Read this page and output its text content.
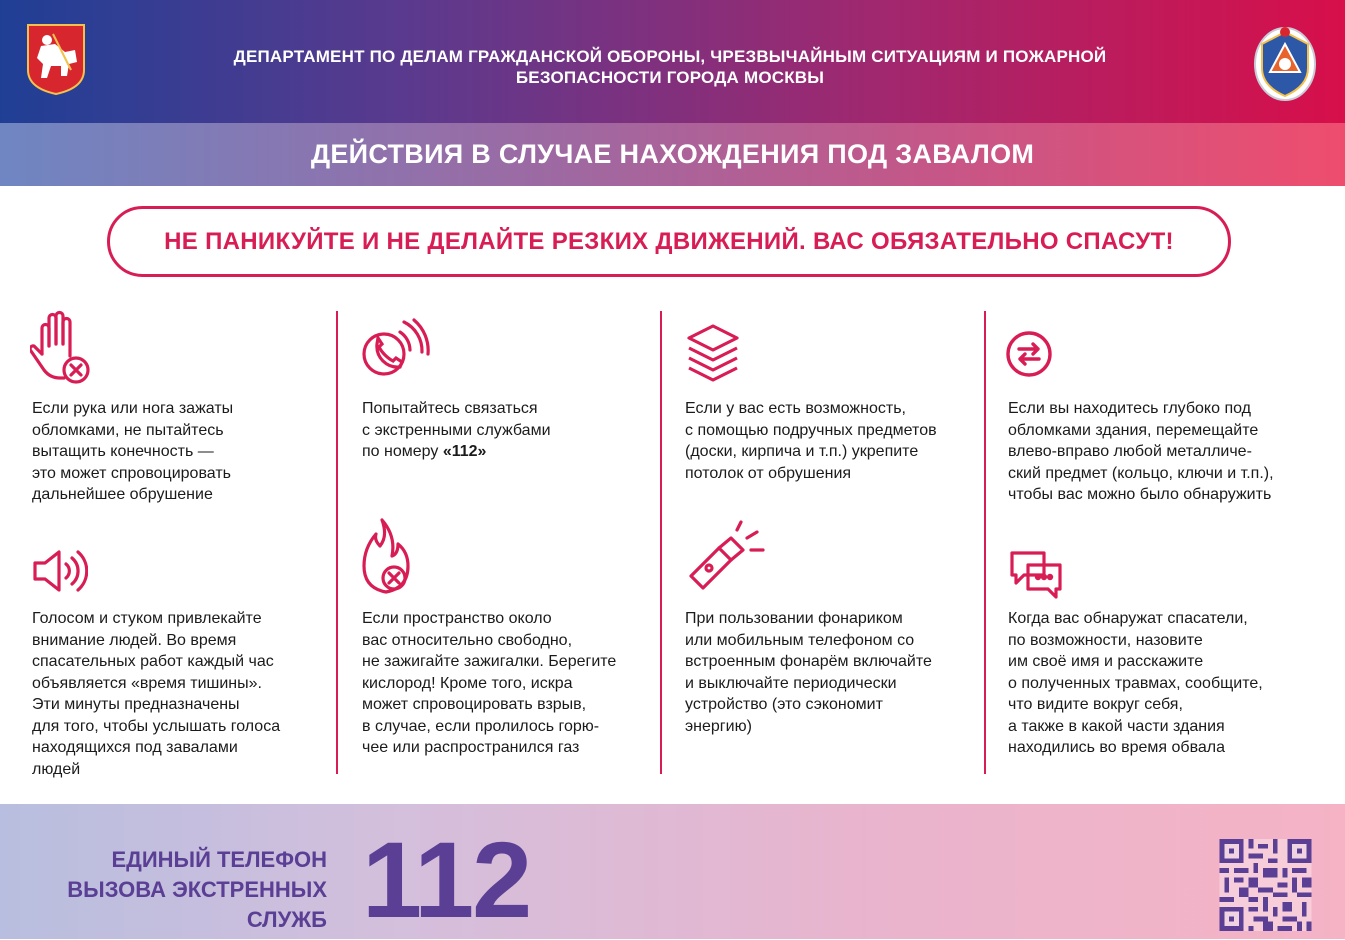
ДЕПАРТАМЕНТ ПО ДЕЛАМ ГРАЖДАНСКОЙ ОБОРОНЫ, ЧРЕЗВЫЧАЙНЫМ СИТУАЦИЯМ И ПОЖАРНОЙ
БЕЗОПАСНОСТИ ГОРОДА МОСКВЫ
ДЕЙСТВИЯ В СЛУЧАЕ НАХОЖДЕНИЯ ПОД ЗАВАЛОМ
НЕ ПАНИКУЙТЕ И НЕ ДЕЛАЙТЕ РЕЗКИХ ДВИЖЕНИЙ. ВАС ОБЯЗАТЕЛЬНО СПАСУТ!
Если рука или нога зажаты
обломками, не пытайтесь
вытащить конечность —
это может спровоцировать
дальнейшее обрушение
Попытайтесь связаться
с экстренными службами
по номеру «112»
Если у вас есть возможность,
с помощью подручных предметов
(доски, кирпича и т.п.) укрепите
потолок от обрушения
Если вы находитесь глубоко под
обломками здания, перемещайте
влево-вправо любой металличе-
ский предмет (кольцо, ключи и т.п.),
чтобы вас можно было обнаружить
Голосом и стуком привлекайте
внимание людей. Во время
спасательных работ каждый час
объявляется «время тишины».
Эти минуты предназначены
для того, чтобы услышать голоса
находящихся под завалами
людей
Если пространство около
вас относительно свободно,
не зажигайте зажигалки. Берегите
кислород! Кроме того, искра
может спровоцировать взрыв,
в случае, если пролилось горю-
чее или распространился газ
При пользовании фонариком
или мобильным телефоном со
встроенным фонарём включайте
и выключайте периодически
устройство (это сэкономит
энергию)
Когда вас обнаружат спасатели,
по возможности, назовите
им своё имя и расскажите
о полученных травмах, сообщите,
что видите вокруг себя,
а также в какой части здания
находились во время обвала
ЕДИНЫЙ ТЕЛЕФОН
ВЫЗОВА ЭКСТРЕННЫХ
СЛУЖБ 112
